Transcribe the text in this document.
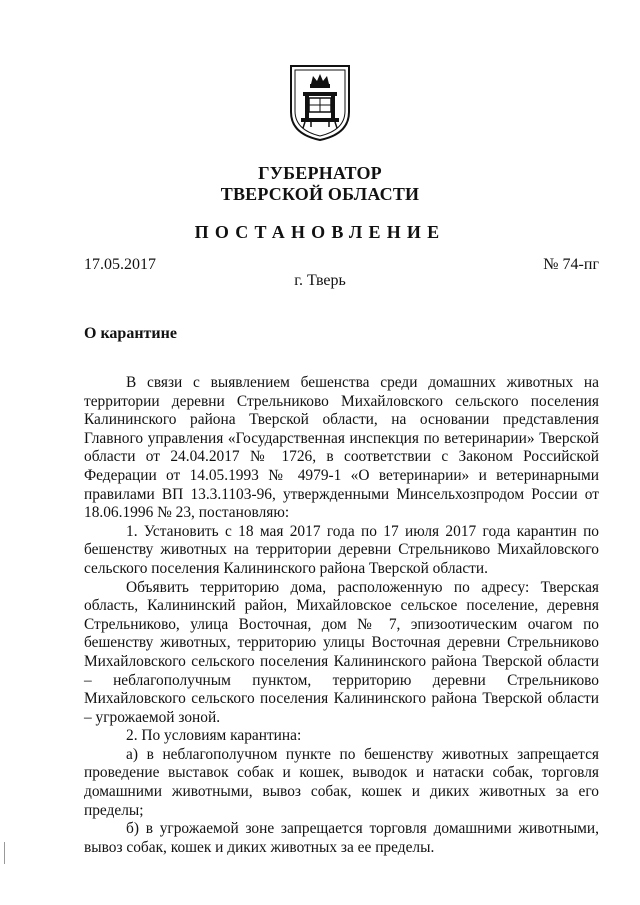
ГУБЕРНАТОР
ТВЕРСКОЙ ОБЛАСТИ
ПОСТАНОВЛЕНИЕ
17.05.2017	№ 74-пг
г. Тверь
О карантине

В связи с выявлением бешенства среди домашних животных на территории деревни Стрельниково Михайловского сельского поселения Калининского района Тверской области, на основании представления Главного управления «Государственная инспекция по ветеринарии» Тверской области от 24.04.2017 № 1726, в соответствии с Законом Российской Федерации от 14.05.1993 № 4979-1 «О ветеринарии» и ветеринарными правилами ВП 13.3.1103-96, утвержденными Минсельхозпродом России от 18.06.1996 № 23, постановляю:

1. Установить с 18 мая 2017 года по 17 июля 2017 года карантин по бешенству животных на территории деревни Стрельниково Михайловского сельского поселения Калининского района Тверской области.

Объявить территорию дома, расположенную по адресу: Тверская область, Калининский район, Михайловское сельское поселение, деревня Стрельниково, улица Восточная, дом № 7, эпизоотическим очагом по бешенству животных, территорию улицы Восточная деревни Стрельниково Михайловского сельского поселения Калининского района Тверской области – неблагополучным пунктом, территорию деревни Стрельниково Михайловского сельского поселения Калининского района Тверской области – угрожаемой зоной.

2. По условиям карантина:

а) в неблагополучном пункте по бешенству животных запрещается проведение выставок собак и кошек, выводок и натаски собак, торговля домашними животными, вывоз собак, кошек и диких животных за его пределы;

б) в угрожаемой зоне запрещается торговля домашними животными, вывоз собак, кошек и диких животных за ее пределы.
